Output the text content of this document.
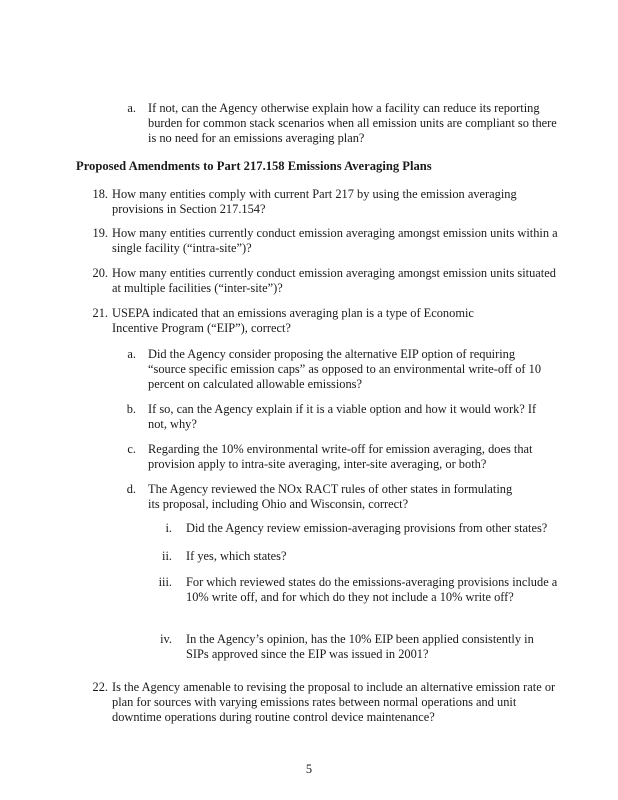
a. If not, can the Agency otherwise explain how a facility can reduce its reporting
burden for common stack scenarios when all emission units are compliant so there
is no need for an emissions averaging plan?
Proposed Amendments to Part 217.158 Emissions Averaging Plans
18. How many entities comply with current Part 217 by using the emission averaging
provisions in Section 217.154?
19. How many entities currently conduct emission averaging amongst emission units within a
single facility (“intra-site”)?
20. How many entities currently conduct emission averaging amongst emission units situated
at multiple facilities (“inter-site”)?
21. USEPA indicated that an emissions averaging plan is a type of Economic
Incentive Program (“EIP”), correct?
a. Did the Agency consider proposing the alternative EIP option of requiring
“source specific emission caps” as opposed to an environmental write-off of 10
percent on calculated allowable emissions?
b. If so, can the Agency explain if it is a viable option and how it would work? If
not, why?
c. Regarding the 10% environmental write-off for emission averaging, does that
provision apply to intra-site averaging, inter-site averaging, or both?
d. The Agency reviewed the NOx RACT rules of other states in formulating
its proposal, including Ohio and Wisconsin, correct?
i. Did the Agency review emission-averaging provisions from other states?
ii. If yes, which states?
iii. For which reviewed states do the emissions-averaging provisions include a
10% write off, and for which do they not include a 10% write off?
iv. In the Agency’s opinion, has the 10% EIP been applied consistently in
SIPs approved since the EIP was issued in 2001?
22. Is the Agency amenable to revising the proposal to include an alternative emission rate or
plan for sources with varying emissions rates between normal operations and unit
downtime operations during routine control device maintenance?
5
